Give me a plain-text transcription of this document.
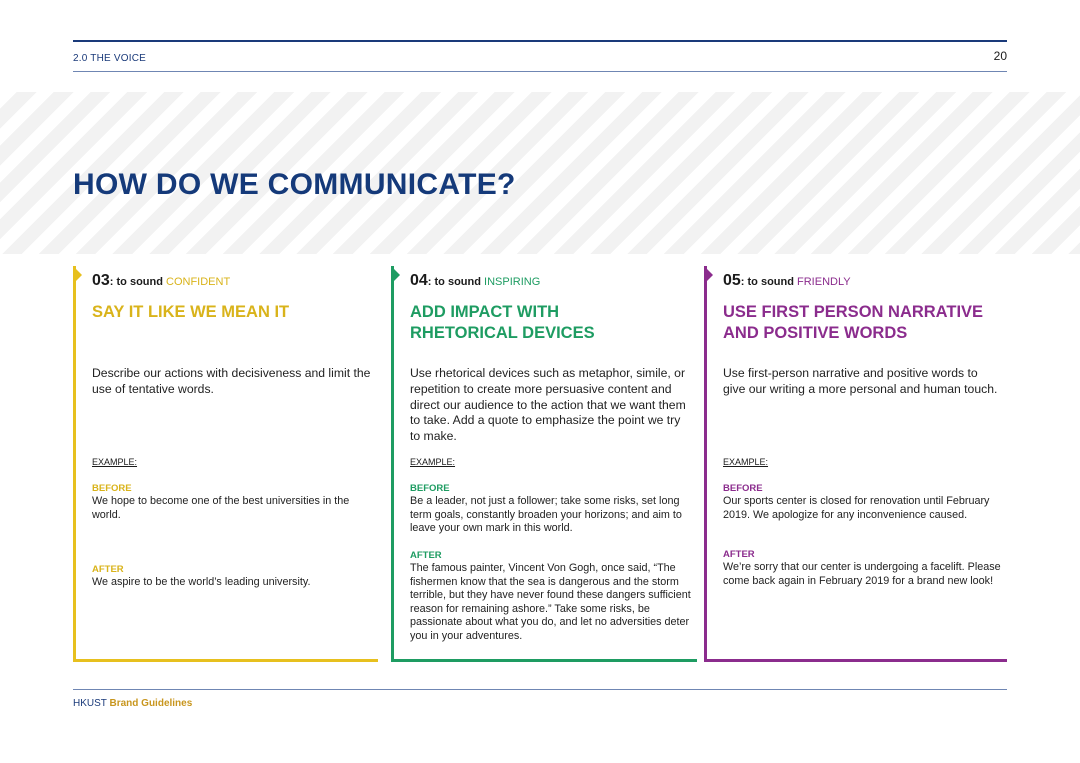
2.0 THE VOICE	20
HOW DO WE COMMUNICATE?
03: to sound CONFIDENT
SAY IT LIKE WE MEAN IT
Describe our actions with decisiveness and limit the use of tentative words.
EXAMPLE:
BEFORE
We hope to become one of the best universities in the world.
AFTER
We aspire to be the world’s leading university.
04: to sound INSPIRING
ADD IMPACT WITH RHETORICAL DEVICES
Use rhetorical devices such as metaphor, simile, or repetition to create more persuasive content and direct our audience to the action that we want them to take. Add a quote to emphasize the point we try to make.
EXAMPLE:
BEFORE
Be a leader, not just a follower; take some risks, set long term goals, constantly broaden your horizons; and aim to leave your own mark in this world.
AFTER
The famous painter, Vincent Von Gogh, once said, “The fishermen know that the sea is dangerous and the storm terrible, but they have never found these dangers sufficient reason for remaining ashore.” Take some risks, be passionate about what you do, and let no adversities deter you in your adventures.
05: to sound FRIENDLY
USE FIRST PERSON NARRATIVE AND POSITIVE WORDS
Use first-person narrative and positive words to give our writing a more personal and human touch.
EXAMPLE:
BEFORE
Our sports center is closed for renovation until February 2019. We apologize for any inconvenience caused.
AFTER
We’re sorry that our center is undergoing a facelift. Please come back again in February 2019 for a brand new look!
HKUST Brand Guidelines
